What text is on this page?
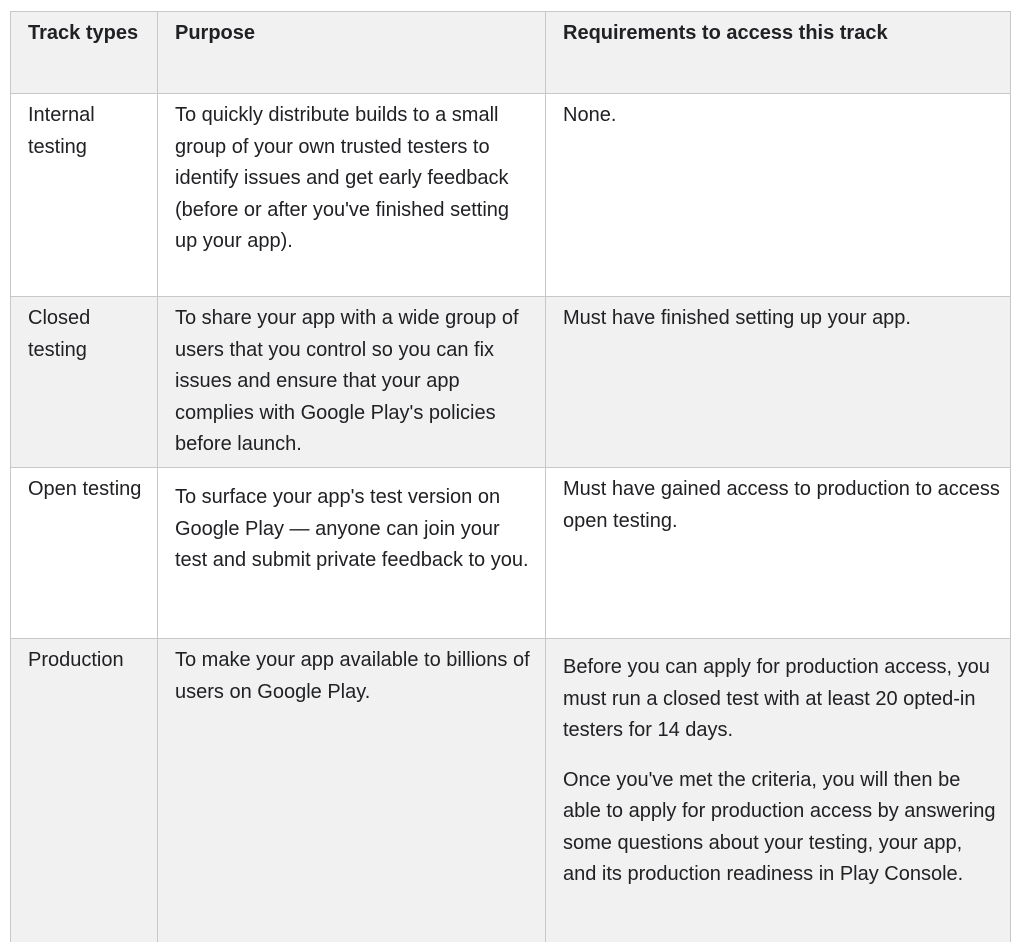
Track types	Purpose	Requirements to access this track
Internal testing	To quickly distribute builds to a small group of your own trusted testers to identify issues and get early feedback (before or after you've finished setting up your app).	None.

Closed testing	To share your app with a wide group of users that you control so you can fix issues and ensure that your app complies with Google Play's policies before launch.	Must have finished setting up your app.

Open testing	To surface your app's test version on Google Play — anyone can join your test and submit private feedback to you.	Must have gained access to production to access open testing.

Production	To make your app available to billions of users on Google Play.	Before you can apply for production access, you must run a closed test with at least 20 opted-in testers for 14 days.

Once you've met the criteria, you will then be able to apply for production access by answering some questions about your testing, your app, and its production readiness in Play Console.
